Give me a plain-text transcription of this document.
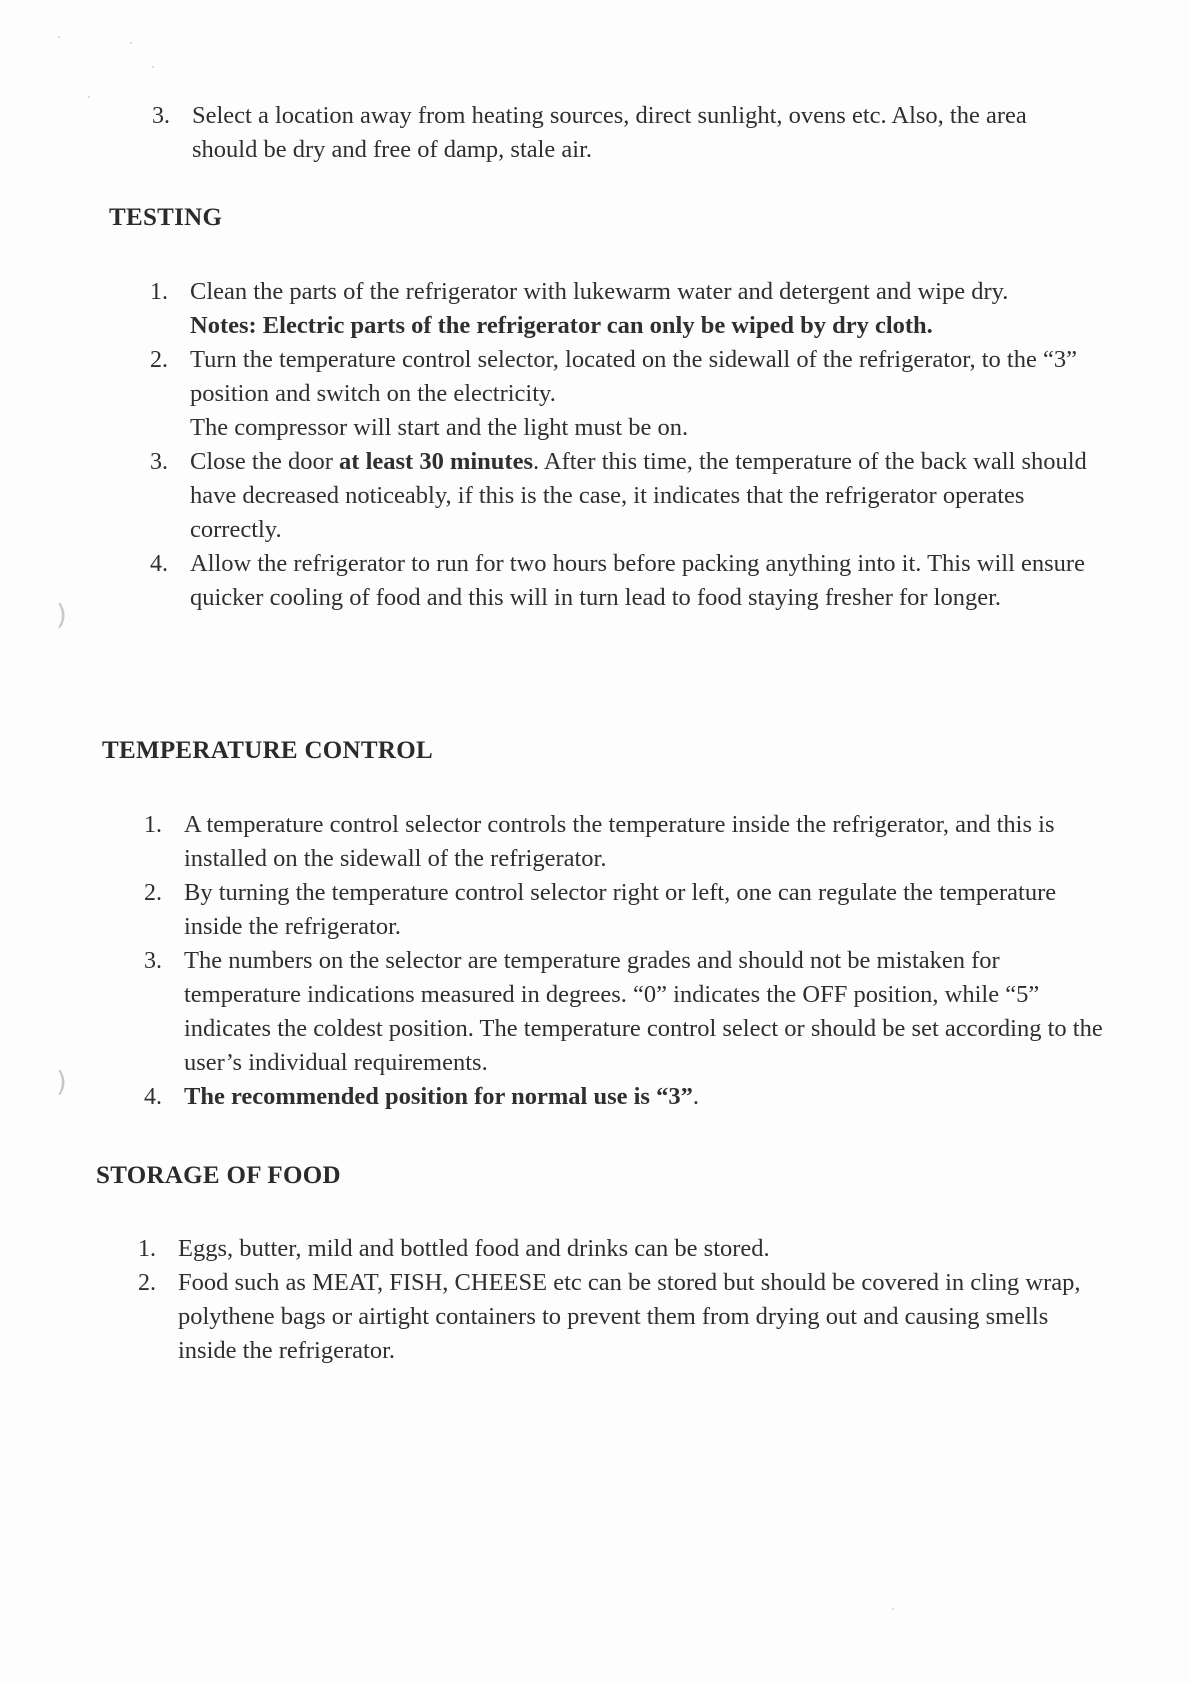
)
)
3. Select a location away from heating sources, direct sunlight, ovens etc. Also, the area should be dry and free of damp, stale air.
TESTING
1. Clean the parts of the refrigerator with lukewarm water and detergent and wipe dry.
Notes: Electric parts of the refrigerator can only be wiped by dry cloth.
2. Turn the temperature control selector, located on the sidewall of the refrigerator, to the “3” position and switch on the electricity.
The compressor will start and the light must be on.
3. Close the door at least 30 minutes. After this time, the temperature of the back wall should have decreased noticeably, if this is the case, it indicates that the refrigerator operates correctly.
4. Allow the refrigerator to run for two hours before packing anything into it. This will ensure quicker cooling of food and this will in turn lead to food staying fresher for longer.
TEMPERATURE CONTROL
1. A temperature control selector controls the temperature inside the refrigerator, and this is installed on the sidewall of the refrigerator.
2. By turning the temperature control selector right or left, one can regulate the temperature inside the refrigerator.
3. The numbers on the selector are temperature grades and should not be mistaken for temperature indications measured in degrees. “0” indicates the OFF position, while “5” indicates the coldest position. The temperature control select or should be set according to the user’s individual requirements.
4. The recommended position for normal use is “3”.
STORAGE OF FOOD
1. Eggs, butter, mild and bottled food and drinks can be stored.
2. Food such as MEAT, FISH, CHEESE etc can be stored but should be covered in cling wrap, polythene bags or airtight containers to prevent them from drying out and causing smells inside the refrigerator.
